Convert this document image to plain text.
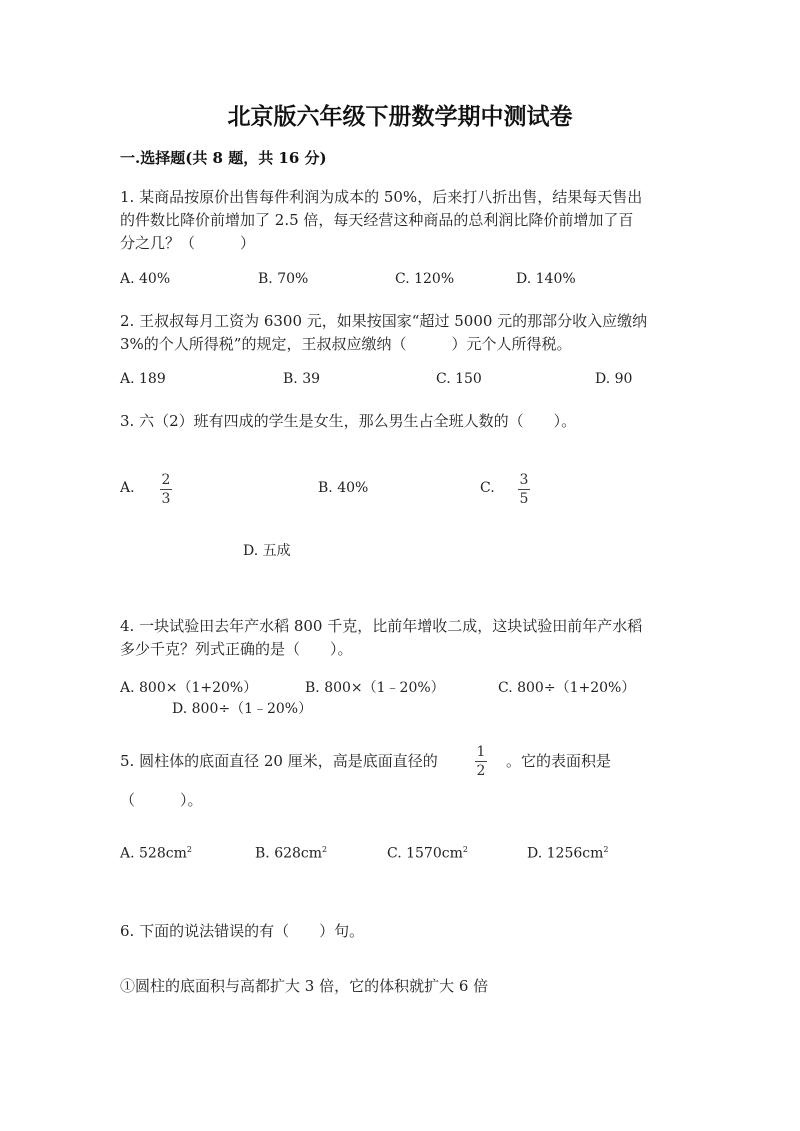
北京版六年级下册数学期中测试卷
一.选择题(共 8 题，共 16 分)
1. 某商品按原价出售每件利润为成本的 50%，后来打八折出售，结果每天售出
的件数比降价前增加了 2.5 倍，每天经营这种商品的总利润比降价前增加了百
分之几？（　　　）
A. 40%	B. 70%	C. 120%	D. 140%
2. 王叔叔每月工资为 6300 元，如果按国家“超过 5000 元的那部分收入应缴纳
3%的个人所得税”的规定，王叔叔应缴纳（　　　）元个人所得税。
A. 189	B. 39	C. 150	D. 90
3. 六（2）班有四成的学生是女生，那么男生占全班人数的（　　）。
A. 2
3
B. 40%	C. 3
5
D. 五成
4. 一块试验田去年产水稻 800 千克，比前年增收二成，这块试验田前年产水稻
多少千克？列式正确的是（　　）。
A. 800×（1+20%）	B. 800×（1﹣20%）	C. 800÷（1+20%）
D. 800÷（1﹣20%）
5. 圆柱体的底面直径 20 厘米，高是底面直径的	1
2
。它的表面积是
（　　　）。
A. $528cm^2$	B. $628cm^2$	C. $1570cm^2$	D. $1256cm^2$
6. 下面的说法错误的有（　　）句。
①圆柱的底面积与高都扩大 3 倍，它的体积就扩大 6 倍
